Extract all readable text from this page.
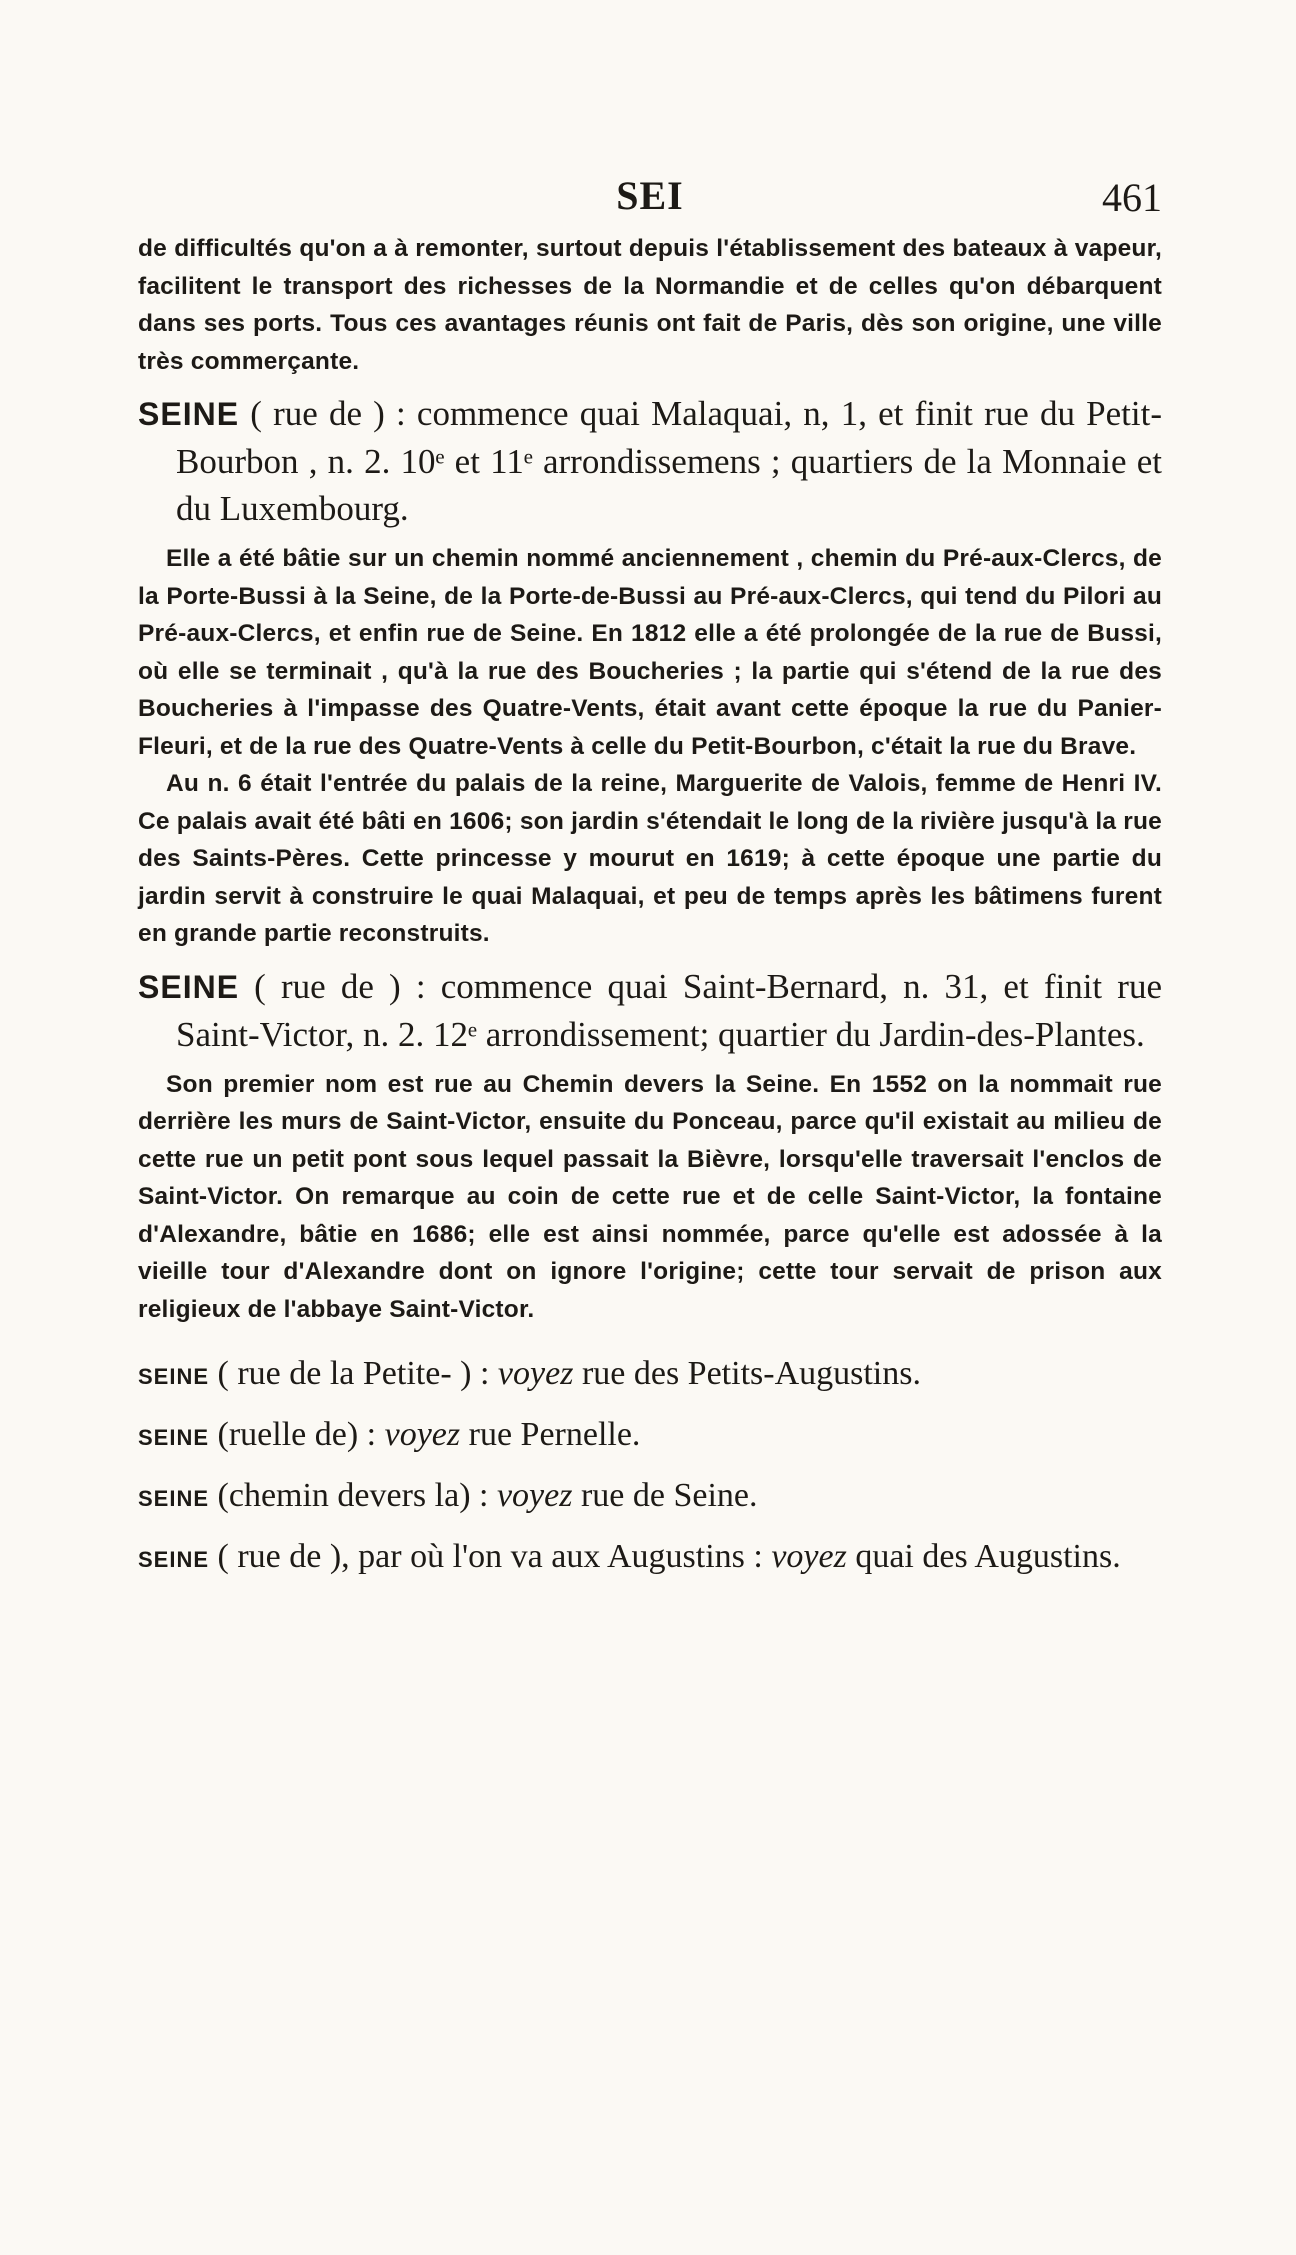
SEI	461

de difficultés qu'on a à remonter, surtout depuis l'établissement des bateaux à vapeur, facilitent le transport des richesses de la Normandie et de celles qu'on débarquent dans ses ports. Tous ces avantages réunis ont fait de Paris, dès son origine, une ville très commerçante.

SEINE ( rue de ) : commence quai Malaquai, n, 1, et finit rue du Petit-Bourbon , n. 2. 10ᵉ et 11ᵉ arrondissemens ; quartiers de la Monnaie et du Luxembourg.

Elle a été bâtie sur un chemin nommé anciennement , chemin du Pré-aux-Clercs, de la Porte-Bussi à la Seine, de la Porte-de-Bussi au Pré-aux-Clercs, qui tend du Pilori au Pré-aux-Clercs, et enfin rue de Seine. En 1812 elle a été prolongée de la rue de Bussi, où elle se terminait , qu'à la rue des Boucheries ; la partie qui s'étend de la rue des Boucheries à l'impasse des Quatre-Vents, était avant cette époque la rue du Panier-Fleuri, et de la rue des Quatre-Vents à celle du Petit-Bourbon, c'était la rue du Brave.

Au n. 6 était l'entrée du palais de la reine, Marguerite de Valois, femme de Henri IV. Ce palais avait été bâti en 1606; son jardin s'étendait le long de la rivière jusqu'à la rue des Saints-Pères. Cette princesse y mourut en 1619; à cette époque une partie du jardin servit à construire le quai Malaquai, et peu de temps après les bâtimens furent en grande partie reconstruits.

SEINE ( rue de ) : commence quai Saint-Bernard, n. 31, et finit rue Saint-Victor, n. 2. 12ᵉ arrondissement; quartier du Jardin-des-Plantes.

Son premier nom est rue au Chemin devers la Seine. En 1552 on la nommait rue derrière les murs de Saint-Victor, ensuite du Ponceau, parce qu'il existait au milieu de cette rue un petit pont sous lequel passait la Bièvre, lorsqu'elle traversait l'enclos de Saint-Victor. On remarque au coin de cette rue et de celle Saint-Victor, la fontaine d'Alexandre, bâtie en 1686; elle est ainsi nommée, parce qu'elle est adossée à la vieille tour d'Alexandre dont on ignore l'origine; cette tour servait de prison aux religieux de l'abbaye Saint-Victor.

SEINE ( rue de la Petite- ) : voyez rue des Petits-Augustins.

SEINE (ruelle de) : voyez rue Pernelle.

SEINE (chemin devers la) : voyez rue de Seine.

SEINE ( rue de ), par où l'on va aux Augustins : voyez quai des Augustins.
